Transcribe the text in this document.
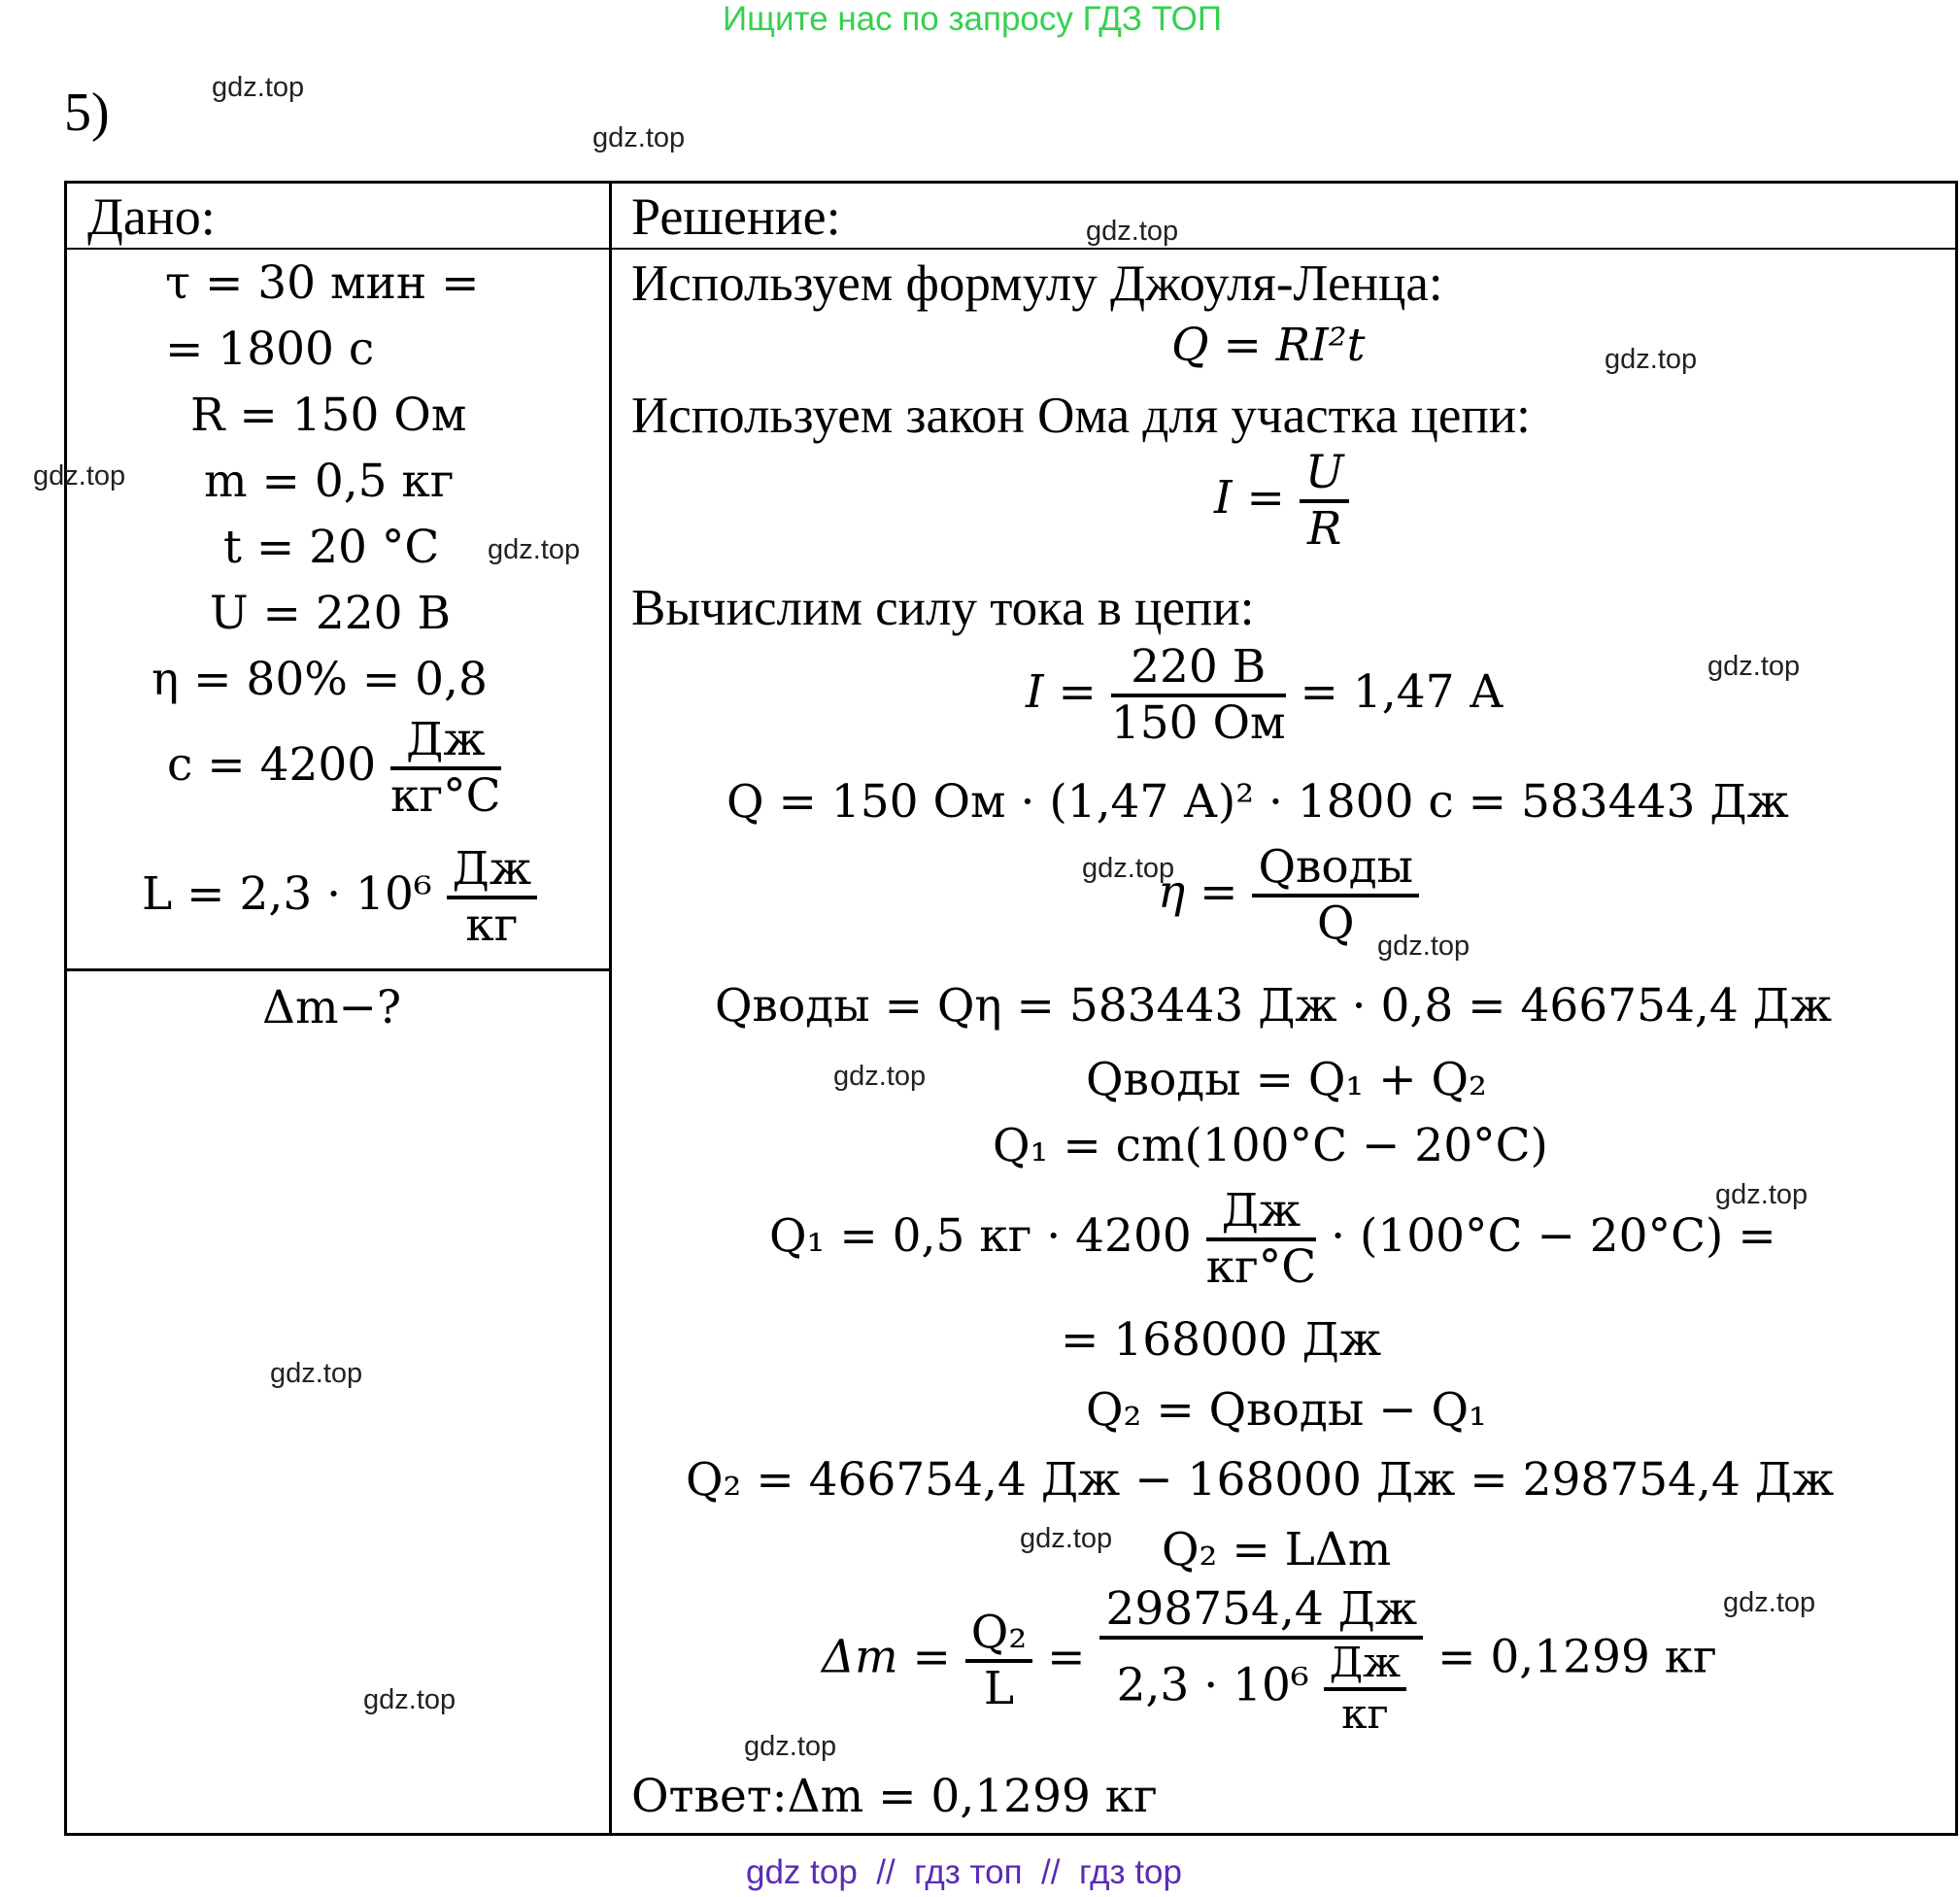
Ищите нас по запросу ГДЗ ТОП
5)
Дано:	Решение:
τ = 30 мин =
= 1800 с
R = 150 Ом
m = 0,5 кг
t = 20 °C
U = 220 В
η = 80% = 0,8
c = 4200 Дж
кг°C
L = 2,3 · 10⁶ Дж
кг
Δm−?
Используем формулу Джоуля-Ленца:
Q = RI²t
Используем закон Ома для участка цепи:
$I = \frac{U}{R}$
Вычислим силу тока в цепи:
I = 220 В
150 Ом
= 1,47 А
Q = 150 Ом · (1,47 А)² · 1800 с = 583443 Дж
η = Qводы
Q
Qводы = Qη = 583443 Дж · 0,8 = 466754,4 Дж
Qводы = Q₁ + Q₂
Q₁ = cm(100°C − 20°C)
Q₁ = 0,5 кг · 4200 Дж
кг°C
· (100°C − 20°C) =
= 168000 Дж
Q₂ = Qводы − Q₁
Q₂ = 466754,4 Дж − 168000 Дж = 298754,4 Дж
Q₂ = LΔm
$\Delta m = \frac{\text{Q₂}}{L}$ =
298754,4 Дж
2,3 · 10⁶ Дж
кг
= 0,1299 кг
Ответ:Δm = 0,1299 кг
gdz.top
gdz.top
gdz.top
gdz.top
gdz.top
gdz.top
gdz.top
gdz.top
gdz.top
gdz.top
gdz.top
gdz.top
gdz.top
gdz.top
gdz.top
gdz.top
gdz top  //  гдз топ  //  гдз top
